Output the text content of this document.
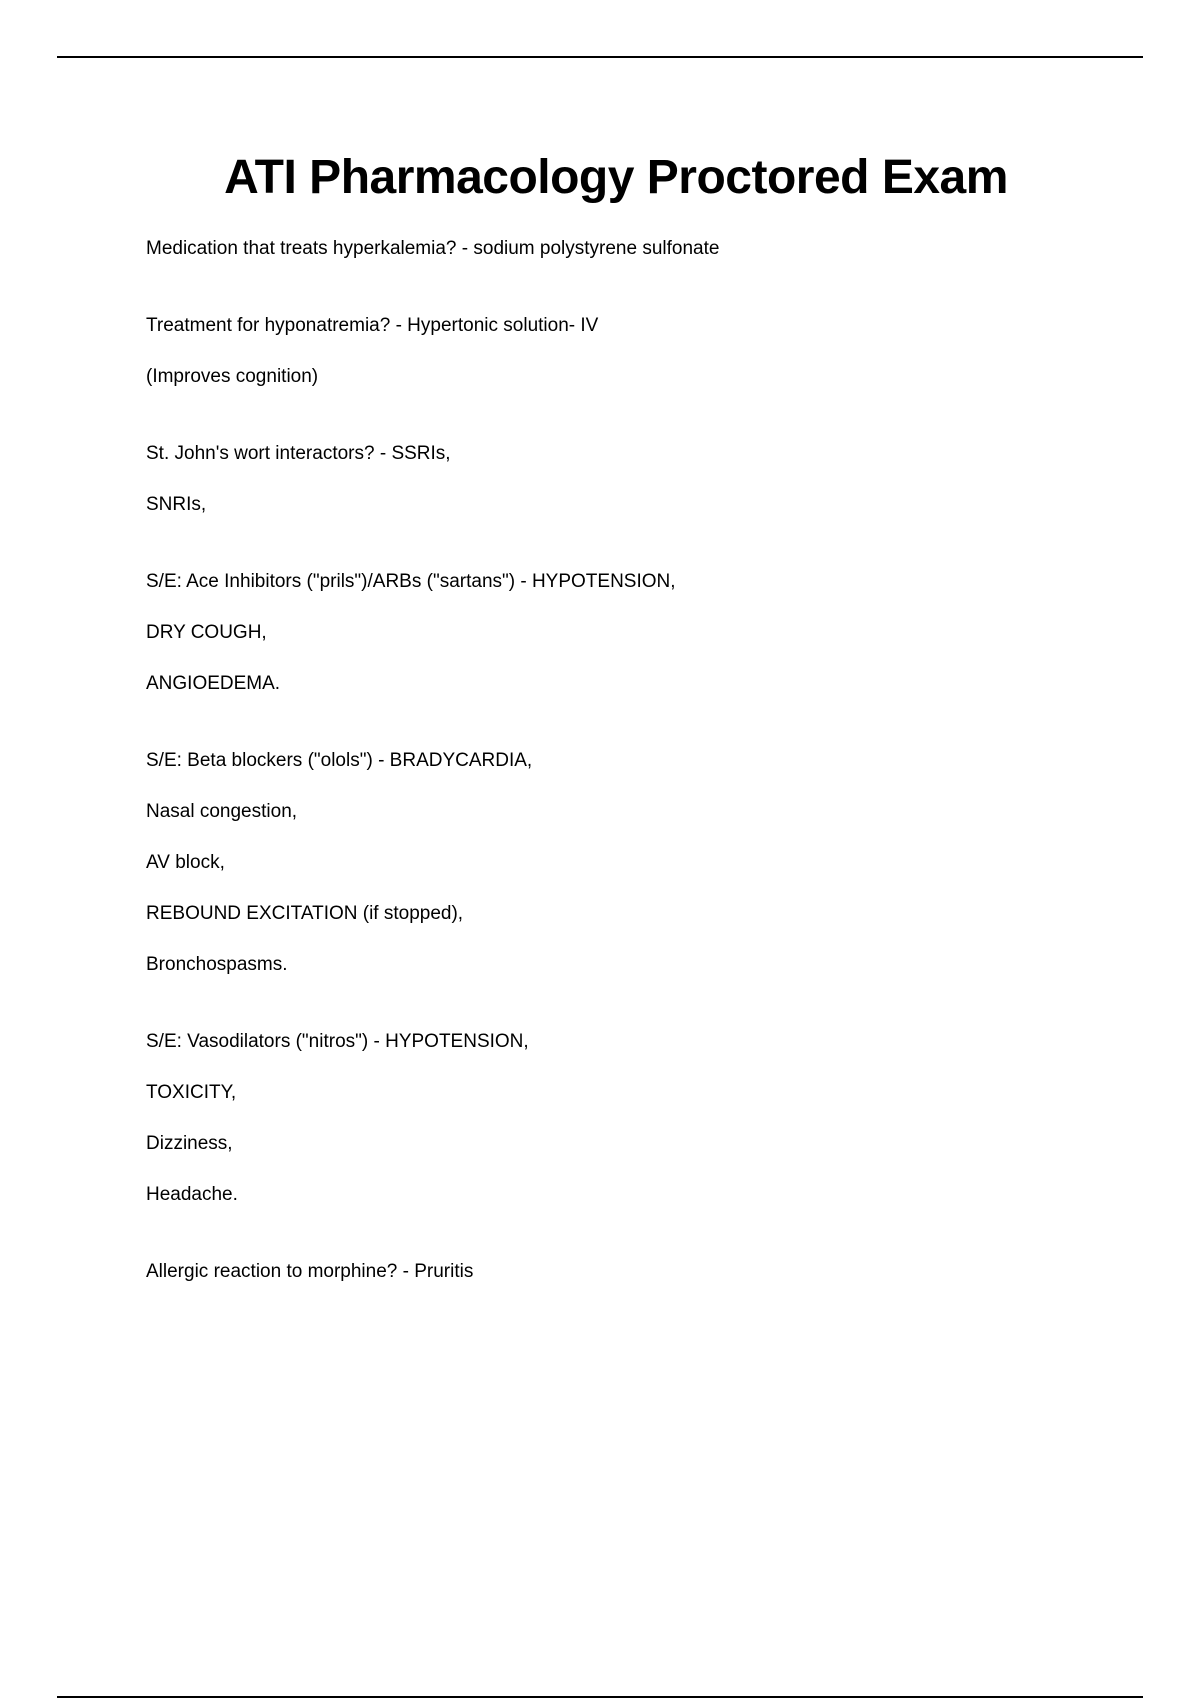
ATI Pharmacology Proctored Exam
Medication that treats hyperkalemia? - sodium polystyrene sulfonate
Treatment for hyponatremia? - Hypertonic solution- IV
(Improves cognition)
St. John's wort interactors? - SSRIs,
SNRIs,
S/E: Ace Inhibitors ("prils")/ARBs ("sartans") - HYPOTENSION,
DRY COUGH,
ANGIOEDEMA.
S/E: Beta blockers ("olols") - BRADYCARDIA,
Nasal congestion,
AV block,
REBOUND EXCITATION (if stopped),
Bronchospasms.
S/E: Vasodilators ("nitros") - HYPOTENSION,
TOXICITY,
Dizziness,
Headache.
Allergic reaction to morphine? - Pruritis
